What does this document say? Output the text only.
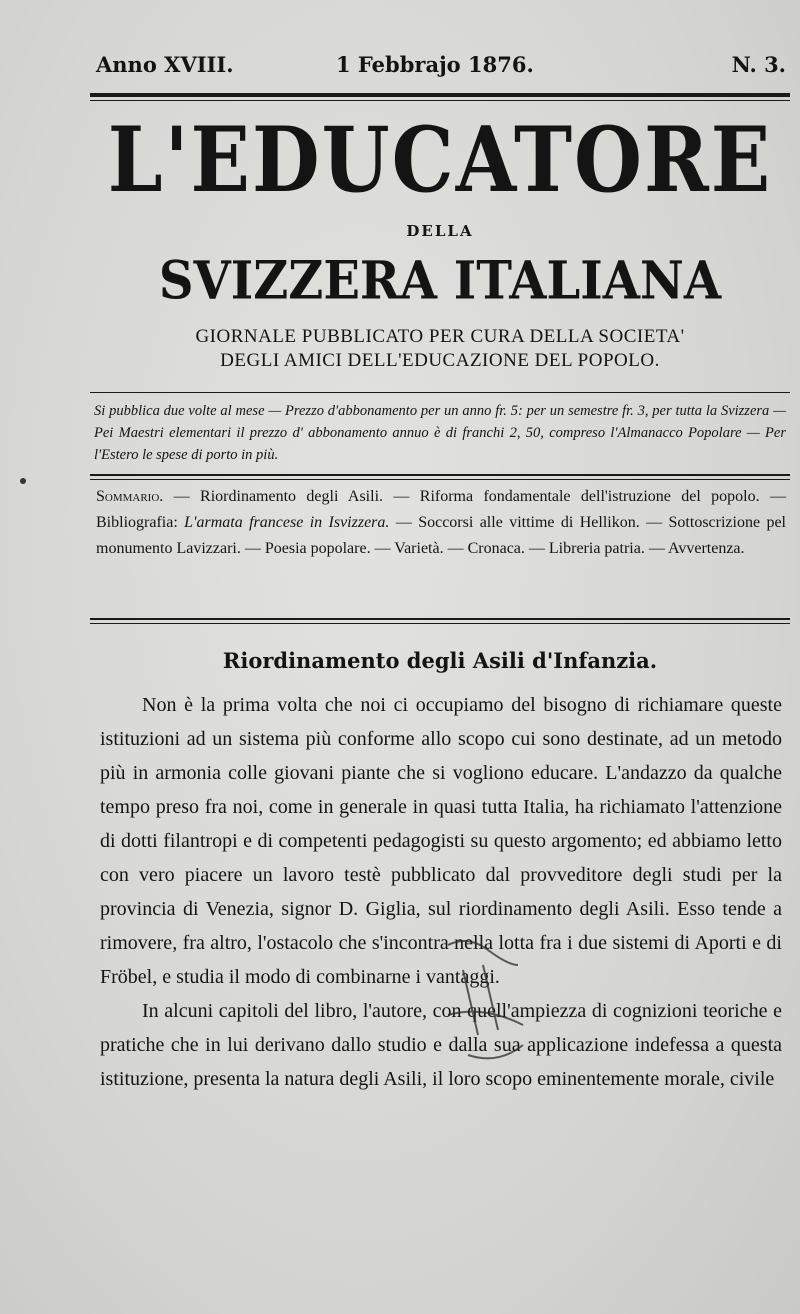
Anno XVIII.	1 Febbrajo 1876.	N. 3.
L'EDUCATORE
DELLA
SVIZZERA ITALIANA
GIORNALE PUBBLICATO PER CURA DELLA SOCIETA'
DEGLI AMICI DELL'EDUCAZIONE DEL POPOLO.
Si pubblica due volte al mese — Prezzo d'abbonamento per un anno fr. 5: per un semestre fr. 3, per tutta la Svizzera — Pei Maestri elementari il prezzo d' abbonamento annuo è di franchi 2, 50, compreso l'Almanacco Popolare — Per l'Estero le spese di porto in più.
Sommario. — Riordinamento degli Asili. — Riforma fondamentale dell'istruzione del popolo. — Bibliografia: L'armata francese in Isvizzera. — Soccorsi alle vittime di Hellikon. — Sottoscrizione pel monumento Lavizzari. — Poesia popolare. — Varietà. — Cronaca. — Libreria patria. — Avvertenza.
Riordinamento degli Asili d'Infanzia.

Non è la prima volta che noi ci occupiamo del bisogno di richiamare queste istituzioni ad un sistema più conforme allo scopo cui sono destinate, ad un metodo più in armonia colle giovani piante che si vogliono educare. L'andazzo da qualche tempo preso fra noi, come in generale in quasi tutta Italia, ha richiamato l'attenzione di dotti filantropi e di competenti pedagogisti su questo argomento; ed abbiamo letto con vero piacere un lavoro testè pubblicato dal provveditore degli studi per la provincia di Venezia, signor D. Giglia, sul riordinamento degli Asili. Esso tende a rimovere, fra altro, l'ostacolo che s'incontra nella lotta fra i due sistemi di Aporti e di Fröbel, e studia il modo di combinarne i vantaggi.

In alcuni capitoli del libro, l'autore, con quell'ampiezza di cognizioni teoriche e pratiche che in lui derivano dallo studio e dalla sua applicazione indefessa a questa istituzione, presenta la natura degli Asili, il loro scopo eminentemente morale, civile
